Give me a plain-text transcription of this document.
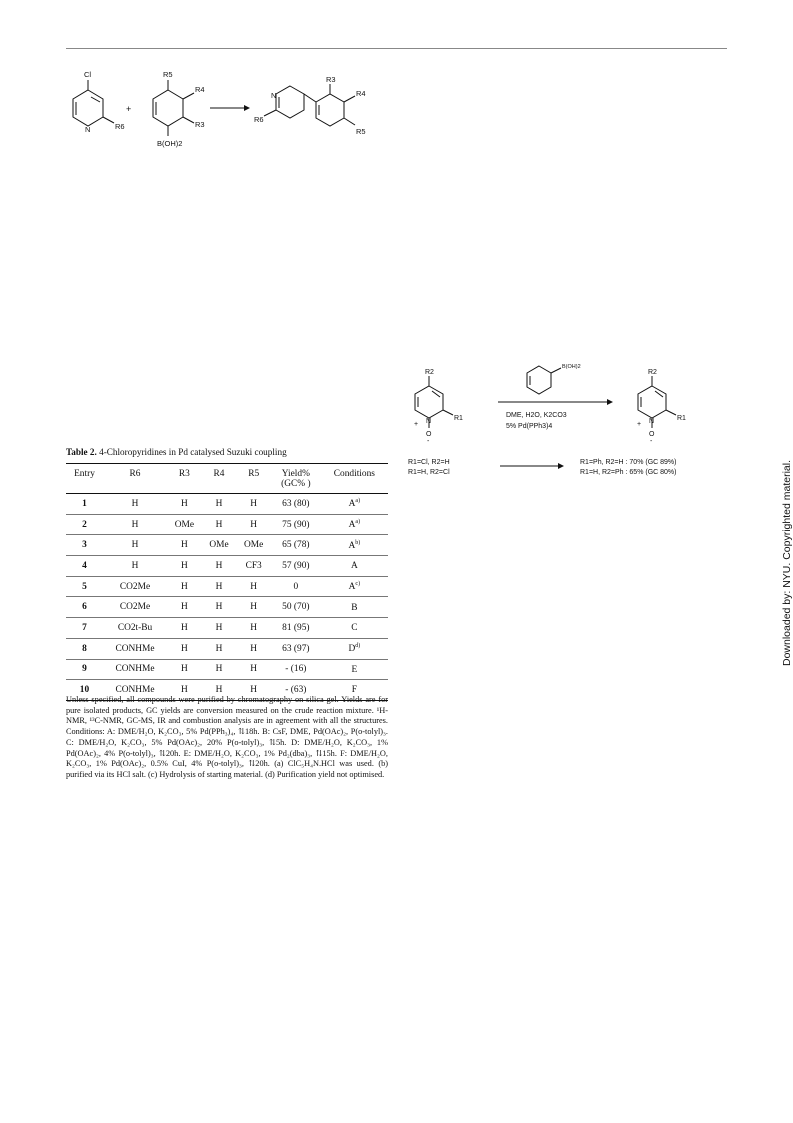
Cl
N	R6
+
R5
R4
R3
B(OH)2
N
R6
R3
R4
R5
B(OH)2
DME, H2O, K2CO3
5% Pd(PPh3)4
R2
N	R1
+
O
-
R2
N	R1
+
O
-
R1=Cl, R2=H
R1=H, R2=Cl
R1=Ph, R2=H : 70% (GC 89%)
R1=H, R2=Ph : 65% (GC 80%)

Table 2. 4-Chloropyridines in Pd catalysed Suzuki coupling

Entry	R6	R3	R4	R5	Yield%
(GC% )	Conditions
1	H	H	H	H	63 (80)	$A^{a)}$
2	H	OMe	H	H	75 (90)	$A^{a)}$
3	H	H	OMe	OMe	65 (78)	$A^{b)}$
4	H	H	H	CF3	57 (90)	A
5	CO2Me	H	H	H	0	$A^{c)}$
6	CO2Me	H	H	H	50 (70)	B
7	CO2t-Bu	H	H	H	81 (95)	C
8	CONHMe	H	H	H	63 (97)	$D^{d)}$
9	CONHMe	H	H	H	- (16)	E
10	CONHMe	H	H	H	- (63)	F
Unless specified, all compounds were purified by chromatography on silica gel. Yields are for pure isolated products, GC yields are conversion measured on the crude reaction mixture. ¹H-NMR, ¹³C-NMR, GC-MS, IR and combustion analysis are in agreement with all the structures. Conditions: A: DME/H₂O, K₂CO₃, 5% Pd(PPh₃)₄, ⇅18h. B: CsF, DME, Pd(OAc)₂, P(o-tolyl)₃. C: DME/H₂O, K₂CO₃, 5% Pd(OAc)₂, 20% P(o-tolyl)₃, ⇅5h. D: DME/H₂O, K₂CO₃, 1% Pd(OAc)₂, 4% P(o-tolyl)₃, ⇅20h. E: DME/H₂O, K₂CO₃, 1% Pd₂(dba)₃, ⇅15h. F: DME/H₂O, K₂CO₃, 1% Pd(OAc)₂, 0.5% CuI, 4% P(o-tolyl)₃, ⇅20h. (a) ClC₅H₄N.HCl was used. (b) purified via its HCl salt. (c) Hydrolysis of starting material. (d) Purification yield not optimised.
Downloaded by: NYU. Copyrighted material.
